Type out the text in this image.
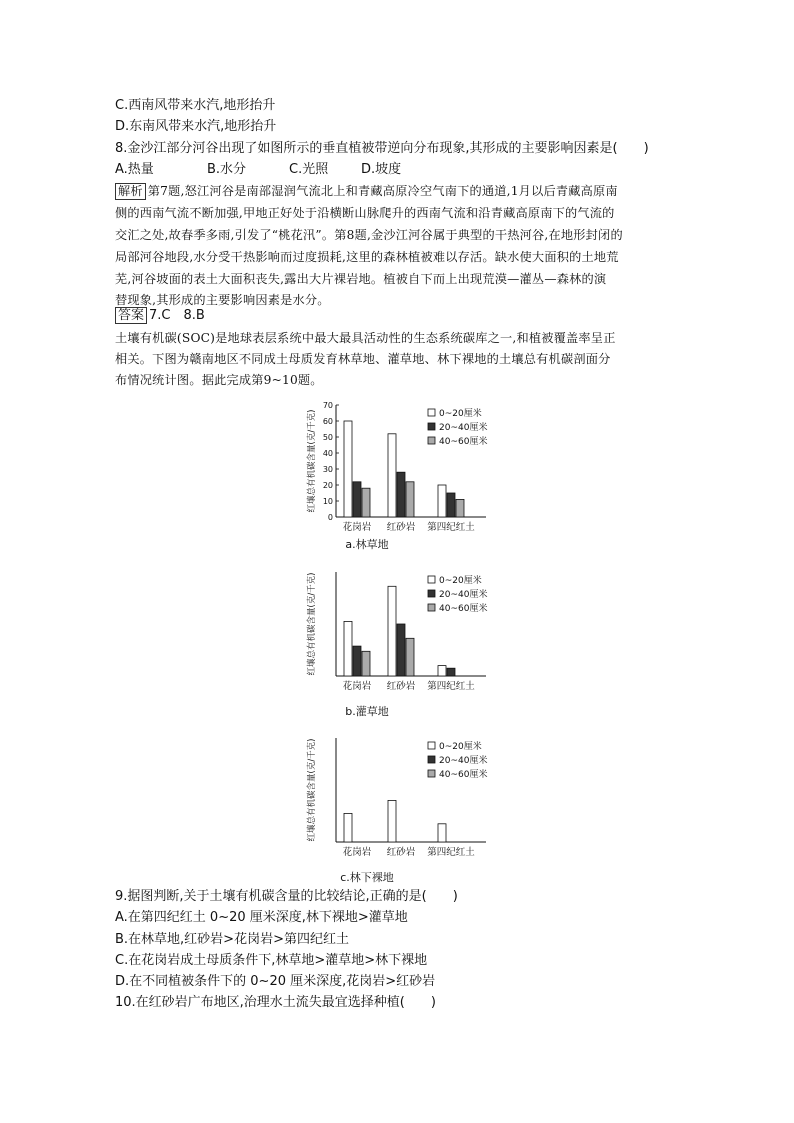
C.西南风带来水汽,地形抬升
D.东南风带来水汽,地形抬升
8.金沙江部分河谷出现了如图所示的垂直植被带逆向分布现象,其形成的主要影响因素是(　　)
A.热量	B.水分	C.光照	D.坡度
解析 第7题,怒江河谷是南部湿润气流北上和青藏高原冷空气南下的通道,1月以后青藏高原南
侧的西南气流不断加强,甲地正好处于沿横断山脉爬升的西南气流和沿青藏高原南下的气流的
交汇之处,故春季多雨,引发了“桃花汛”。第8题,金沙江河谷属于典型的干热河谷,在地形封闭的
局部河谷地段,水分受干热影响而过度损耗,这里的森林植被难以存活。缺水使大面积的土地荒
芜,河谷坡面的表土大面积丧失,露出大片裸岩地。植被自下而上出现荒漠—灌丛—森林的演
替现象,其形成的主要影响因素是水分。
答案 7.C　8.B
土壤有机碳(SOC)是地球表层系统中最大最具活动性的生态系统碳库之一,和植被覆盖率呈正
相关。下图为赣南地区不同成土母质发育林草地、灌草地、林下裸地的土壤总有机碳剖面分
布情况统计图。据此完成第9~10题。
红壤总有机碳含量(克/千克)
0
10
20
30
40
50
60
70
花岗岩 红砂岩 第四纪红土
0~20厘米
20~40厘米
40~60厘米
a.林草地
红壤总有机碳含量(克/千克)
花岗岩 红砂岩 第四纪红土
0~20厘米
20~40厘米
40~60厘米
b.灌草地
红壤总有机碳含量(克/千克)
花岗岩 红砂岩 第四纪红土
0~20厘米
20~40厘米
40~60厘米
c.林下裸地
9.据图判断,关于土壤有机碳含量的比较结论,正确的是(　　)
A.在第四纪红土 0~20 厘米深度,林下裸地>灌草地
B.在林草地,红砂岩>花岗岩>第四纪红土
C.在花岗岩成土母质条件下,林草地>灌草地>林下裸地
D.在不同植被条件下的 0~20 厘米深度,花岗岩>红砂岩
10.在红砂岩广布地区,治理水土流失最宜选择种植(　　)
